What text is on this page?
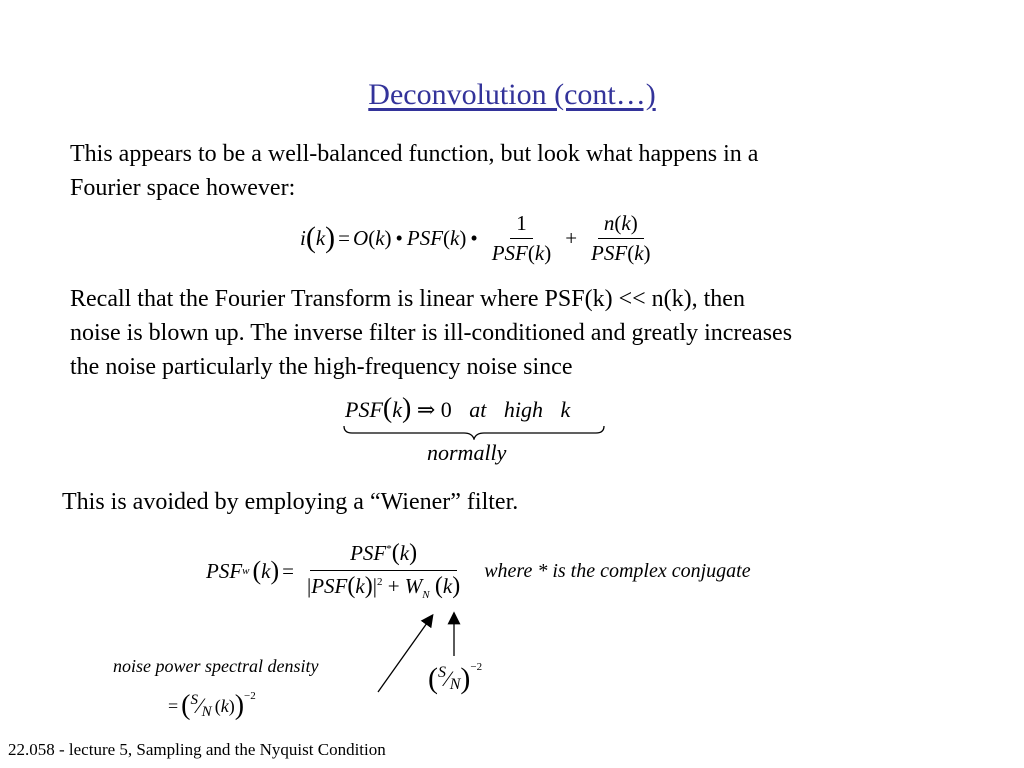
Deconvolution (cont…)
This appears to be a well-balanced function, but look what happens in a
Fourier space however:
i ( k ) = O ( k ) • PSF ( k ) • $\frac{1}{\text{PSF(k)}} + \frac{n(k)}{\text{PSF(k)}}$
Recall that the Fourier Transform is linear where PSF(k) << n(k), then
noise is blown up. The inverse filter is ill-conditioned and greatly increases
the noise particularly the high-frequency noise since
PSF(k) ⇒ 0 at high k
normally
This is avoided by employing a “Wiener” filter.
PSF w ( k ) = $\frac{PSF^*(k)}{|PSF(k)|^2 + W_N (k)}$ where * is the complex conjugate
noise power spectral density
= ( S ⁄ N ( k ) )$^{-2}$
( S ⁄ N )$^{-2}$
22.058 - lecture 5, Sampling and the Nyquist Condition
